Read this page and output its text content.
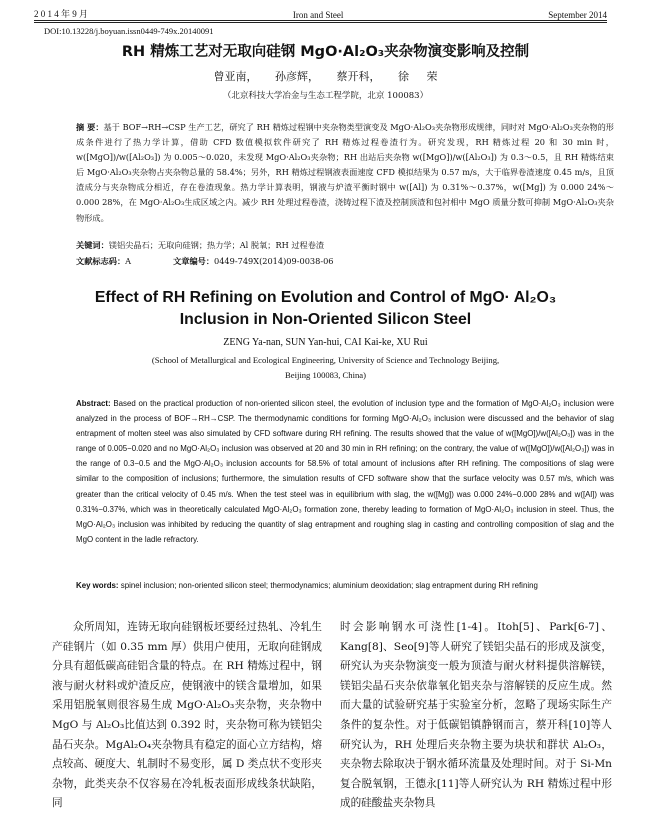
2 0 1 4 年 9 月	Iron and Steel	September 2014
DOI:10.13228/j.boyuan.issn0449-749x.20140091
RH 精炼工艺对无取向硅钢 MgO·Al₂O₃夹杂物演变影响及控制
曾亚南， 孙彦辉， 蔡开科， 徐 荣
（北京科技大学冶金与生态工程学院，北京 100083）
摘 要：基于 BOF→RH→CSP 生产工艺，研究了 RH 精炼过程钢中夹杂物类型演变及 MgO·Al₂O₃夹杂物形成规律，同时对 MgO·Al₂O₃夹杂物的形成条件进行了热力学计算，借助 CFD 数值模拟软件研究了 RH 精炼过程卷渣行为。研究发现，RH 精炼过程 20 和 30 min 时，w([MgO])/w([Al₂O₃]) 为 0.005～0.020，未发现 MgO·Al₂O₃夹杂物；RH 出站后夹杂物 w([MgO])/w([Al₂O₃]) 为 0.3～0.5，且 RH 精炼结束后 MgO·Al₂O₃夹杂物占夹杂物总量的 58.4%；另外，RH 精炼过程钢液表面速度 CFD 模拟结果为 0.57 m/s，大于临界卷渣速度 0.45 m/s，且顶渣成分与夹杂物成分相近，存在卷渣现象。热力学计算表明，钢液与炉渣平衡时钢中 w([Al]) 为 0.31%～0.37%，w([Mg]) 为 0.000 24%～0.000 28%，在 MgO·Al₂O₃生成区域之内。减少 RH 处理过程卷渣，浇铸过程下渣及控制顶渣和包衬相中 MgO 质量分数可抑制 MgO·Al₂O₃夹杂物形成。
关键词：镁铝尖晶石；无取向硅钢；热力学；Al 脱氧；RH 过程卷渣
文献标志码：A	文章编号：0449-749X(2014)09-0038-06
Effect of RH Refining on Evolution and Control of MgO· Al₂O₃
Inclusion in Non-Oriented Silicon Steel
ZENG Ya-nan, SUN Yan-hui, CAI Kai-ke, XU Rui
(School of Metallurgical and Ecological Engineering, University of Science and Technology Beijing,
Beijing 100083, China)
Abstract: Based on the practical production of non-oriented silicon steel, the evolution of inclusion type and the formation of MgO·Al₂O₃ inclusion were analyzed in the process of BOF→RH→CSP. The thermodynamic conditions for forming MgO·Al₂O₃ inclusion were discussed and the behavior of slag entrapment of molten steel was also simulated by CFD software during RH refining. The results showed that the value of w([MgO])/w([Al₂O₃]) was in the range of 0.005−0.020 and no MgO·Al₂O₃ inclusion was observed at 20 and 30 min in RH refining; on the contrary, the value of w([MgO])/w([Al₂O₃]) was in the range of 0.3−0.5 and the MgO·Al₂O₃ inclusion accounts for 58.5% of total amount of inclusions after RH refining. The compositions of slag were similar to the composition of inclusions; furthermore, the simulation results of CFD software show that the surface velocity was 0.57 m/s, which was greater than the critical velocity of 0.45 m/s. When the test steel was in equilibrium with slag, the w([Mg]) was 0.000 24%−0.000 28% and w([Al]) was 0.31%−0.37%, which was in theoretically calculated MgO·Al₂O₃ formation zone, thereby leading to formation of MgO·Al₂O₃ inclusion in steel. Thus, the MgO·Al₂O₃ inclusion was inhibited by reducing the quantity of slag entrapment and roughing slag in casting and controlling composition of slag and the MgO content in the ladle refractory.
Key words: spinel inclusion; non-oriented silicon steel; thermodynamics; aluminium deoxidation; slag entrapment during RH refining

众所周知，连铸无取向硅钢板坯要经过热轧、冷轧生产硅钢片（如 0.35 mm 厚）供用户使用，无取向硅钢成分具有超低碳高硅铝含量的特点。在 RH 精炼过程中，钢液与耐火材料或炉渣反应，使钢液中的镁含量增加，如果采用铝脱氧则很容易生成 MgO·Al₂O₃夹杂物，夹杂物中 MgO 与 Al₂O₃比值达到 0.392 时，夹杂物可称为镁铝尖晶石夹杂。MgAl₂O₄夹杂物具有稳定的面心立方结构，熔点较高、硬度大、轧制时不易变形，属 D 类点状不变形夹杂物，此类夹杂不仅容易在冷轧板表面形成线条状缺陷，同

时会影响钢水可浇性[1-4]。Itoh[5]、Park[6-7]、Kang[8]、Seo[9]等人研究了镁铝尖晶石的形成及演变，研究认为夹杂物演变一般为顶渣与耐火材料提供溶解镁，镁铝尖晶石夹杂依靠氧化铝夹杂与溶解镁的反应生成。然而大量的试验研究基于实验室分析，忽略了现场实际生产条件的复杂性。对于低碳铝镇静钢而言，蔡开科[10]等人研究认为，RH 处理后夹杂物主要为块状和群状 Al₂O₃，夹杂物去除取决于钢水循环流量及处理时间。对于 Si-Mn 复合脱氧钢，王德永[11]等人研究认为 RH 精炼过程中形成的硅酸盐夹杂物具
